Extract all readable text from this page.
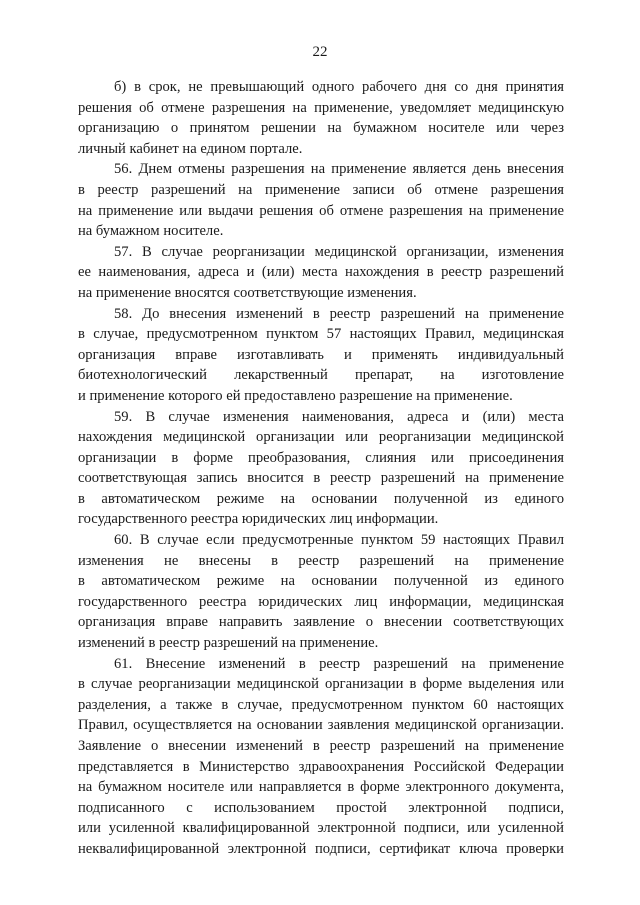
22
б) в срок, не превышающий одного рабочего дня со дня принятия
решения об отмене разрешения на применение, уведомляет медицинскую
организацию о принятом решении на бумажном носителе или через
личный кабинет на едином портале.
56. Днем отмены разрешения на применение является день внесения
в реестр разрешений на применение записи об отмене разрешения
на применение или выдачи решения об отмене разрешения на применение
на бумажном носителе.
57. В случае реорганизации медицинской организации, изменения
ее наименования, адреса и (или) места нахождения в реестр разрешений
на применение вносятся соответствующие изменения.
58. До внесения изменений в реестр разрешений на применение
в случае, предусмотренном пунктом 57 настоящих Правил, медицинская
организация вправе изготавливать и применять индивидуальный
биотехнологический лекарственный препарат, на изготовление
и применение которого ей предоставлено разрешение на применение.
59. В случае изменения наименования, адреса и (или) места
нахождения медицинской организации или реорганизации медицинской
организации в форме преобразования, слияния или присоединения
соответствующая запись вносится в реестр разрешений на применение
в автоматическом режиме на основании полученной из единого
государственного реестра юридических лиц информации.
60. В случае если предусмотренные пунктом 59 настоящих Правил
изменения не внесены в реестр разрешений на применение
в автоматическом режиме на основании полученной из единого
государственного реестра юридических лиц информации, медицинская
организация вправе направить заявление о внесении соответствующих
изменений в реестр разрешений на применение.
61. Внесение изменений в реестр разрешений на применение
в случае реорганизации медицинской организации в форме выделения или
разделения, а также в случае, предусмотренном пунктом 60 настоящих
Правил, осуществляется на основании заявления медицинской организации.
Заявление о внесении изменений в реестр разрешений на применение
представляется в Министерство здравоохранения Российской Федерации
на бумажном носителе или направляется в форме электронного документа,
подписанного с использованием простой электронной подписи,
или усиленной квалифицированной электронной подписи, или усиленной
неквалифицированной электронной подписи, сертификат ключа проверки
